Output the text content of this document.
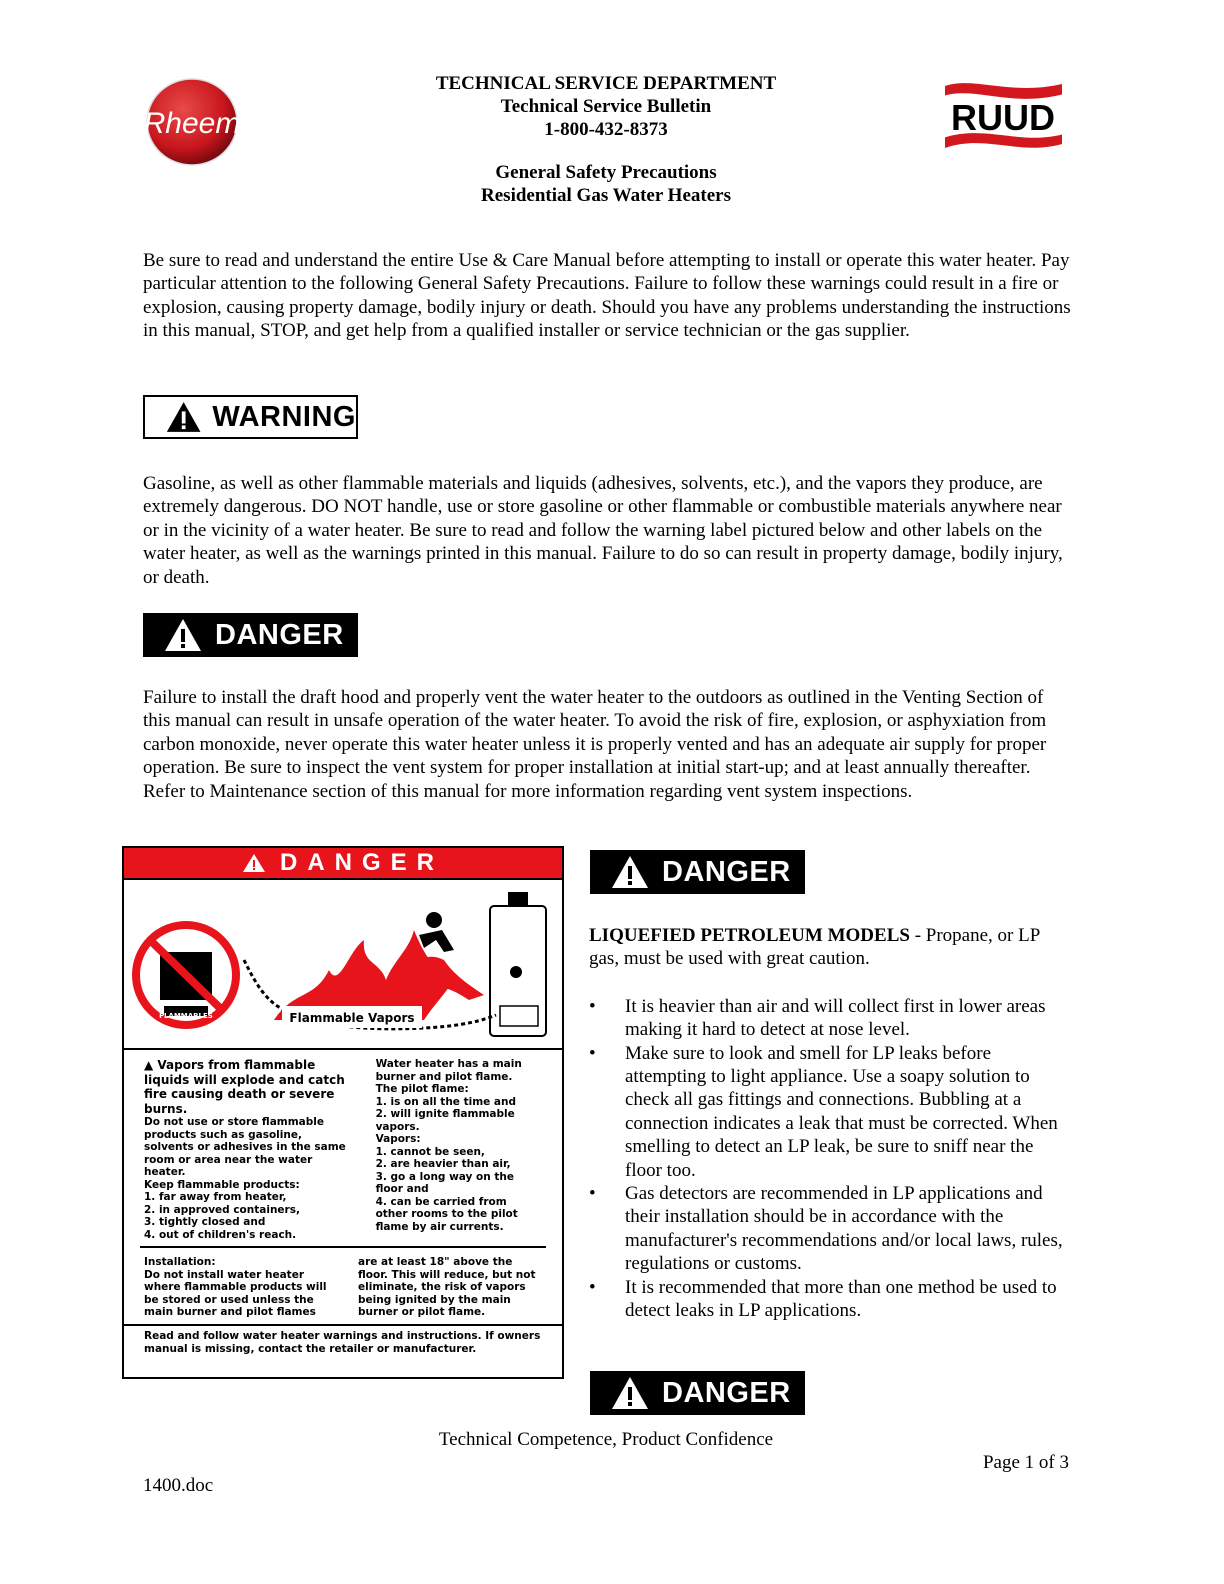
Rheem	RUUD
TECHNICAL SERVICE DEPARTMENT
Technical Service Bulletin
1-800-432-8373
General Safety Precautions
Residential Gas Water Heaters

Be sure to read and understand the entire Use & Care Manual before attempting to install or operate this water heater. Pay particular attention to the following General Safety Precautions. Failure to follow these warnings could result in a fire or explosion, causing property damage, bodily injury or death. Should you have any problems understanding the instructions in this manual, STOP, and get help from a qualified installer or service technician or the gas supplier.

WARNING

Gasoline, as well as other flammable materials and liquids (adhesives, solvents, etc.), and the vapors they produce, are extremely dangerous. DO NOT handle, use or store gasoline or other flammable or combustible materials anywhere near or in the vicinity of a water heater. Be sure to read and follow the warning label pictured below and other labels on the water heater, as well as the warnings printed in this manual. Failure to do so can result in property damage, bodily injury, or death.

DANGER

Failure to install the draft hood and properly vent the water heater to the outdoors as outlined in the Venting Section of this manual can result in unsafe operation of the water heater. To avoid the risk of fire, explosion, or asphyxiation from carbon monoxide, never operate this water heater unless it is properly vented and has an adequate air supply for proper operation. Be sure to inspect the vent system for proper installation at initial start-up; and at least annually thereafter. Refer to Maintenance section of this manual for more information regarding vent system inspections.

DANGER
FLAMMABLES	Flammable Vapors
▲ Vapors from flammable liquids will explode and catch fire causing death or severe burns.
Do not use or store flammable products such as gasoline, solvents or adhesives in the same room or area near the water heater.
Keep flammable products:
1. far away from heater,
2. in approved containers,
3. tightly closed and
4. out of children's reach.
Water heater has a main burner and pilot flame.
The pilot flame:
1. is on all the time and
2. will ignite flammable vapors.
Vapors:
1. cannot be seen,
2. are heavier than air,
3. go a long way on the floor and
4. can be carried from other rooms to the pilot flame by air currents.
Installation:
Do not install water heater where flammable products will be stored or used unless the main burner and pilot flames
are at least 18" above the floor. This will reduce, but not eliminate, the risk of vapors being ignited by the main burner or pilot flame.
Read and follow water heater warnings and instructions. If owners manual is missing, contact the retailer or manufacturer.
DANGER

LIQUEFIED PETROLEUM MODELS - Propane, or LP gas, must be used with great caution.

• It is heavier than air and will collect first in lower areas making it hard to detect at nose level.
• Make sure to look and smell for LP leaks before attempting to light appliance. Use a soapy solution to check all gas fittings and connections. Bubbling at a connection indicates a leak that must be corrected. When smelling to detect an LP leak, be sure to sniff near the floor too.
• Gas detectors are recommended in LP applications and their installation should be in accordance with the manufacturer's recommendations and/or local laws, rules, regulations or customs.
• It is recommended that more than one method be used to detect leaks in LP applications.
DANGER
Technical Competence, Product Confidence
Page 1 of 3
1400.doc
